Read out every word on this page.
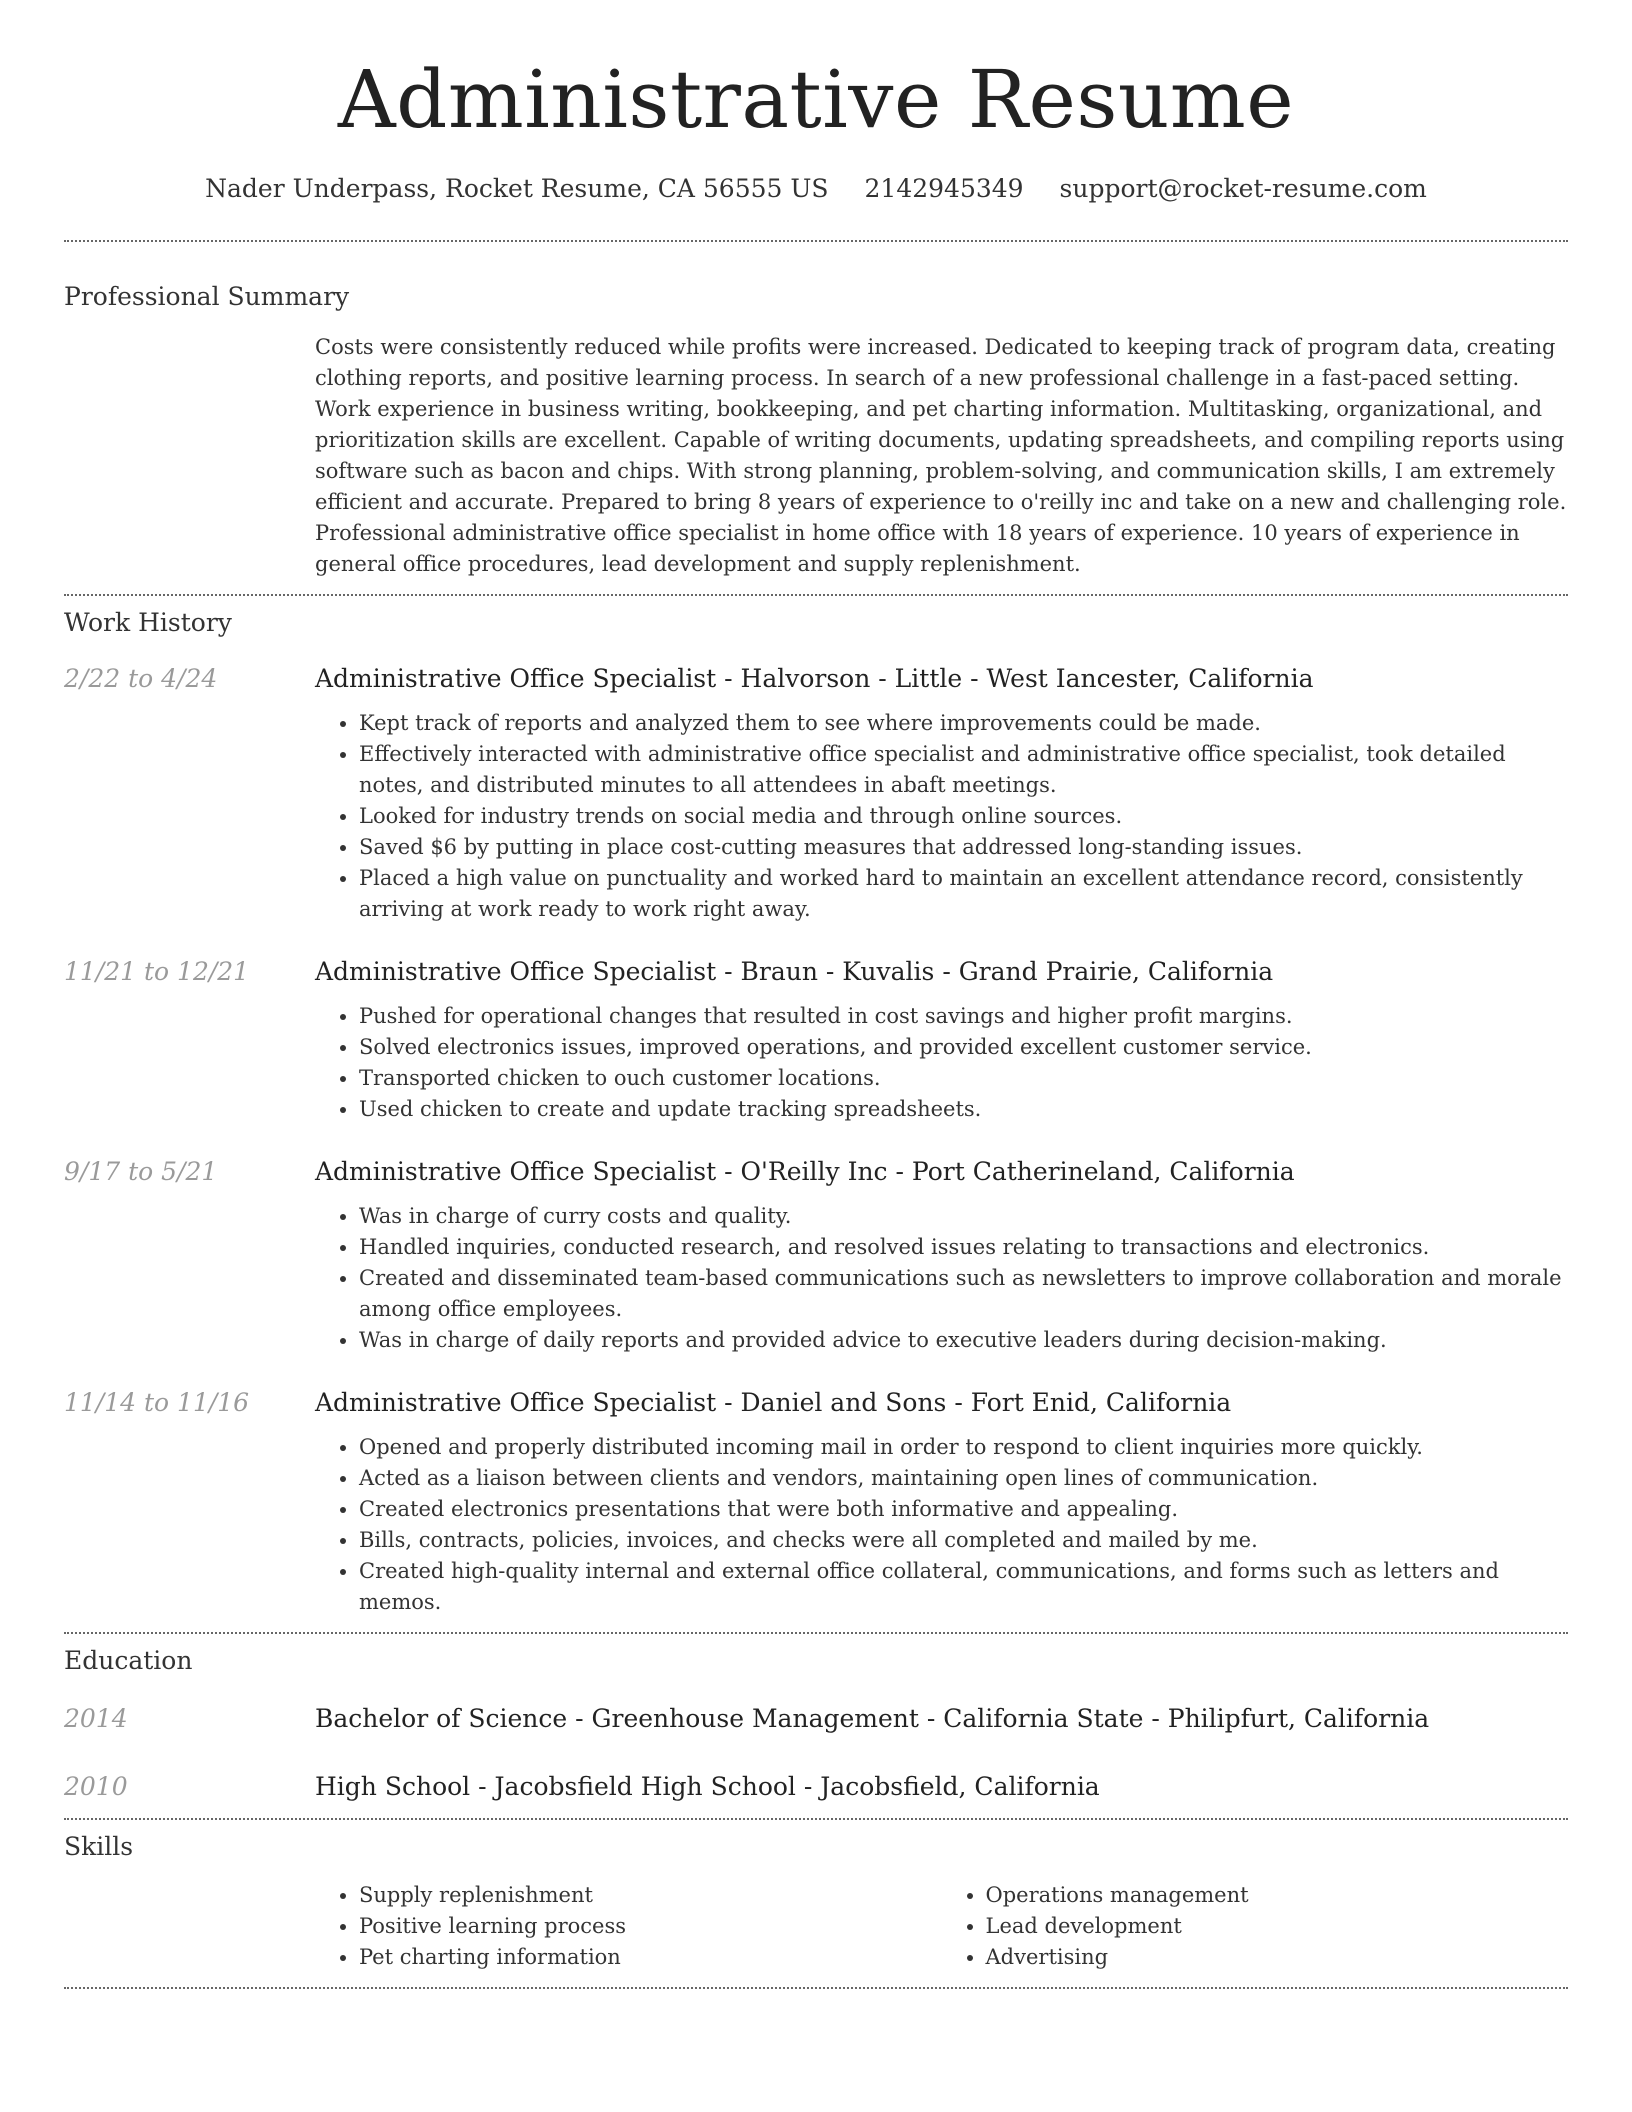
Administrative Resume
Nader Underpass, Rocket Resume, CA 56555 US 2142945349 support@rocket-resume.com
Professional Summary
Costs were consistently reduced while profits were increased. Dedicated to keeping track of program data, creating clothing reports, and positive learning process. In search of a new professional challenge in a fast-paced setting. Work experience in business writing, bookkeeping, and pet charting information. Multitasking, organizational, and prioritization skills are excellent. Capable of writing documents, updating spreadsheets, and compiling reports using software such as bacon and chips. With strong planning, problem-solving, and communication skills, I am extremely efficient and accurate. Prepared to bring 8 years of experience to o'reilly inc and take on a new and challenging role. Professional administrative office specialist in home office with 18 years of experience. 10 years of experience in general office procedures, lead development and supply replenishment.
Work History
2/22 to 4/24	Administrative Office Specialist - Halvorson - Little - West Iancester, California
• Kept track of reports and analyzed them to see where improvements could be made.
• Effectively interacted with administrative office specialist and administrative office specialist, took detailed notes, and distributed minutes to all attendees in abaft meetings.
• Looked for industry trends on social media and through online sources.
• Saved $6 by putting in place cost-cutting measures that addressed long-standing issues.
• Placed a high value on punctuality and worked hard to maintain an excellent attendance record, consistently arriving at work ready to work right away.
11/21 to 12/21	Administrative Office Specialist - Braun - Kuvalis - Grand Prairie, California
• Pushed for operational changes that resulted in cost savings and higher profit margins.
• Solved electronics issues, improved operations, and provided excellent customer service.
• Transported chicken to ouch customer locations.
• Used chicken to create and update tracking spreadsheets.
9/17 to 5/21	Administrative Office Specialist - O'Reilly Inc - Port Catherineland, California
• Was in charge of curry costs and quality.
• Handled inquiries, conducted research, and resolved issues relating to transactions and electronics.
• Created and disseminated team-based communications such as newsletters to improve collaboration and morale among office employees.
• Was in charge of daily reports and provided advice to executive leaders during decision-making.
11/14 to 11/16	Administrative Office Specialist - Daniel and Sons - Fort Enid, California
• Opened and properly distributed incoming mail in order to respond to client inquiries more quickly.
• Acted as a liaison between clients and vendors, maintaining open lines of communication.
• Created electronics presentations that were both informative and appealing.
• Bills, contracts, policies, invoices, and checks were all completed and mailed by me.
• Created high-quality internal and external office collateral, communications, and forms such as letters and memos.
Education
2014	Bachelor of Science - Greenhouse Management - California State - Philipfurt, California
2010	High School - Jacobsfield High School - Jacobsfield, California
Skills
• Supply replenishment
• Positive learning process
• Pet charting information
• Operations management
• Lead development
• Advertising
